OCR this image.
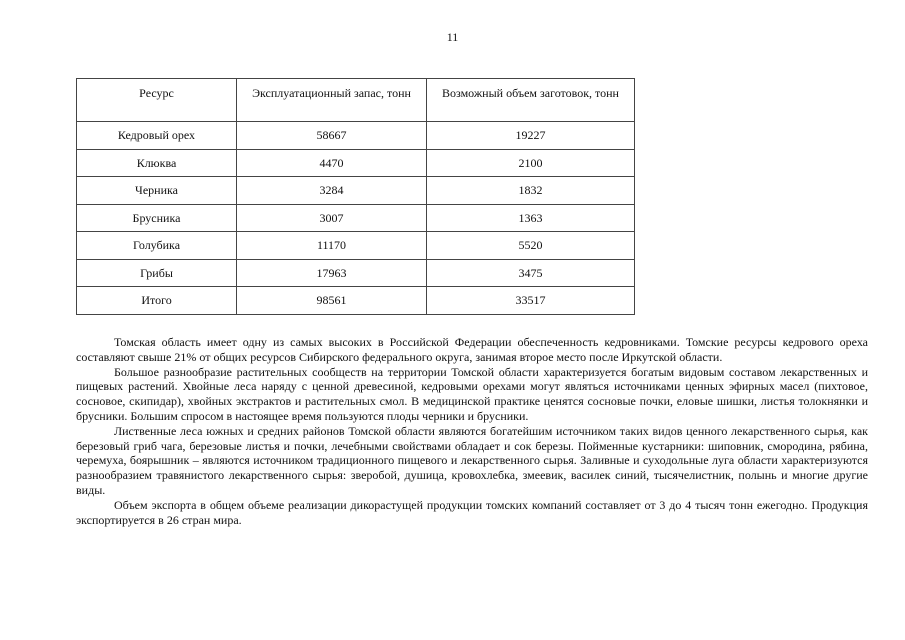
11
Ресурс	Эксплуатационный запас, тонн	Возможный объем заготовок, тонн
Кедровый орех	58667	19227
Клюква	4470	2100
Черника	3284	1832
Брусника	3007	1363
Голубика	11170	5520
Грибы	17963	3475
Итого	98561	33517

Томская область имеет одну из самых высоких в Российской Федерации обеспеченность кедровниками. Томские ресурсы кедрового ореха составляют свыше 21% от общих ресурсов Сибирского федерального округа, занимая второе место после Иркутской области.

Большое разнообразие растительных сообществ на территории Томской области характеризуется богатым видовым составом лекарственных и пищевых растений. Хвойные леса наряду с ценной древесиной, кедровыми орехами могут являться источниками ценных эфирных масел (пихтовое, сосновое, скипидар), хвойных экстрактов и растительных смол. В медицинской практике ценятся сосновые почки, еловые шишки, листья толокнянки и брусники. Большим спросом в настоящее время пользуются плоды черники и брусники.

Лиственные леса южных и средних районов Томской области являются богатейшим источником таких видов ценного лекарственного сырья, как березовый гриб чага, березовые листья и почки, лечебными свойствами обладает и сок березы. Пойменные кустарники: шиповник, смородина, рябина, черемуха, боярышник – являются источником традиционного пищевого и лекарственного сырья. Заливные и суходольные луга области характеризуются разнообразием травянистого лекарственного сырья: зверобой, душица, кровохлебка, змеевик, василек синий, тысячелистник, полынь и многие другие виды.

Объем экспорта в общем объеме реализации дикорастущей продукции томских компаний составляет от 3 до 4 тысяч тонн ежегодно. Продукция экспортируется в 26 стран мира.
